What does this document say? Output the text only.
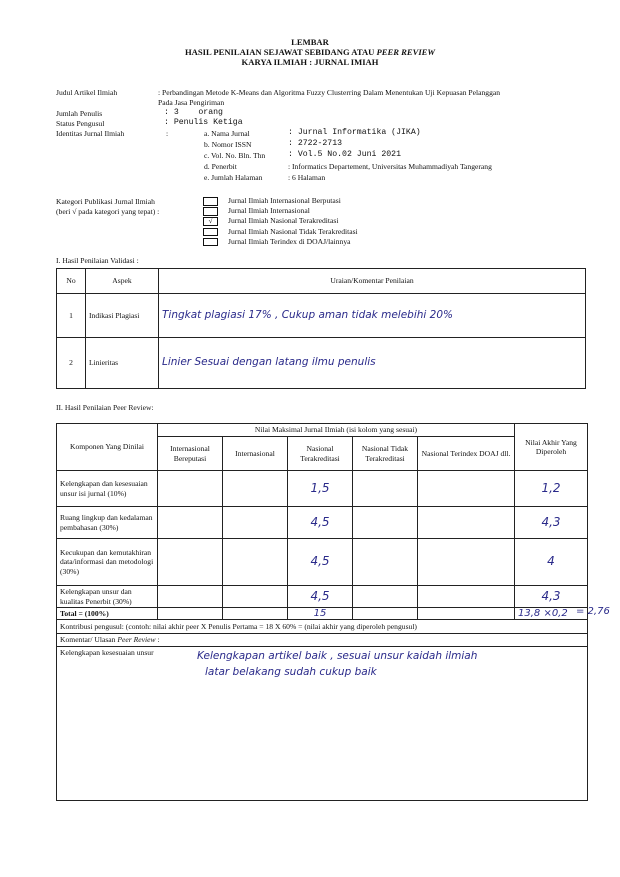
LEMBAR
HASIL PENILAIAN SEJAWAT SEBIDANG ATAU PEER REVIEW
KARYA ILMIAH : JURNAL IMIAH
Judul Artikel Ilmiah	: Perbandingan Metode K-Means dan Algoritma Fuzzy Clusterring Dalam Menentukan Uji Kepuasan Pelanggan
Pada Jasa Pengiriman
Jumlah Penulis	: 3    orang
Status Pengusul	: Penulis Ketiga
Identitas Jurnal Ilmiah	:	a. Nama Jurnal	: Jurnal Informatika (JIKA)
b. Nomor ISSN	: 2722-2713
c. Vol. No. Bln. Thn	: Vol.5 No.02 Juni 2021
d. Penerbit	: Informatics Departement, Universitas Muhammadiyah Tangerang
e. Jumlah Halaman	: 6 Halaman
Kategori Publikasi Jurnal Ilmiah
(beri √ pada kategori yang tepat) :
Jurnal Ilmiah Internasional Berputasi
Jurnal Ilmiah Internasional
√ Jurnal Ilmiah Nasional Terakreditasi
Jurnal Ilmiah Nasional Tidak Terakreditasi
Jurnal Ilmiah Terindex di DOAJ/lainnya
I. Hasil Penilaian Validasi :
No	Aspek	Uraian/Komentar Penilaian
1	Indikasi Plagiasi	Tingkat plagiasi 17% , Cukup aman tidak melebihi 20%
2	Linieritas	Linier Sesuai dengan latang ilmu penulis
II. Hasil Penilaian Peer Review:
Komponen Yang Dinilai	Nilai Maksimal Jurnal Ilmiah (isi kolom yang sesuai)					Nilai Akhir Yang Diperoleh
	Internasional Bereputasi	Internasional	Nasional Terakreditasi	Nasional Tidak Terakreditasi	Nasional Terindex DOAJ dll.	
Kelengkapan dan kesesuaian unsur isi jurnal (10%)			1,5			1,2
Ruang lingkup dan kedalaman pembahasan (30%)			4,5			4,3
Kecukupan dan kemutakhiran data/informasi dan metodologi (30%)			4,5			4
Kelengkapan unsur dan kualitas Penerbit (30%)			4,5			4,3
Total = (100%)			15			13,8 ×0,2
Kontribusi pengusul: (contoh: nilai akhir peer X Penulis Pertama = 18 X 60% = (nilai akhir yang diperoleh pengusul)						
Komentar/ Ulasan Peer Review :						

Kelengkapan kesesuaian unsur Kelengkapan artikel baik , sesuai unsur kaidah ilmiah
latar belakang sudah cukup baik						
= 2,76
